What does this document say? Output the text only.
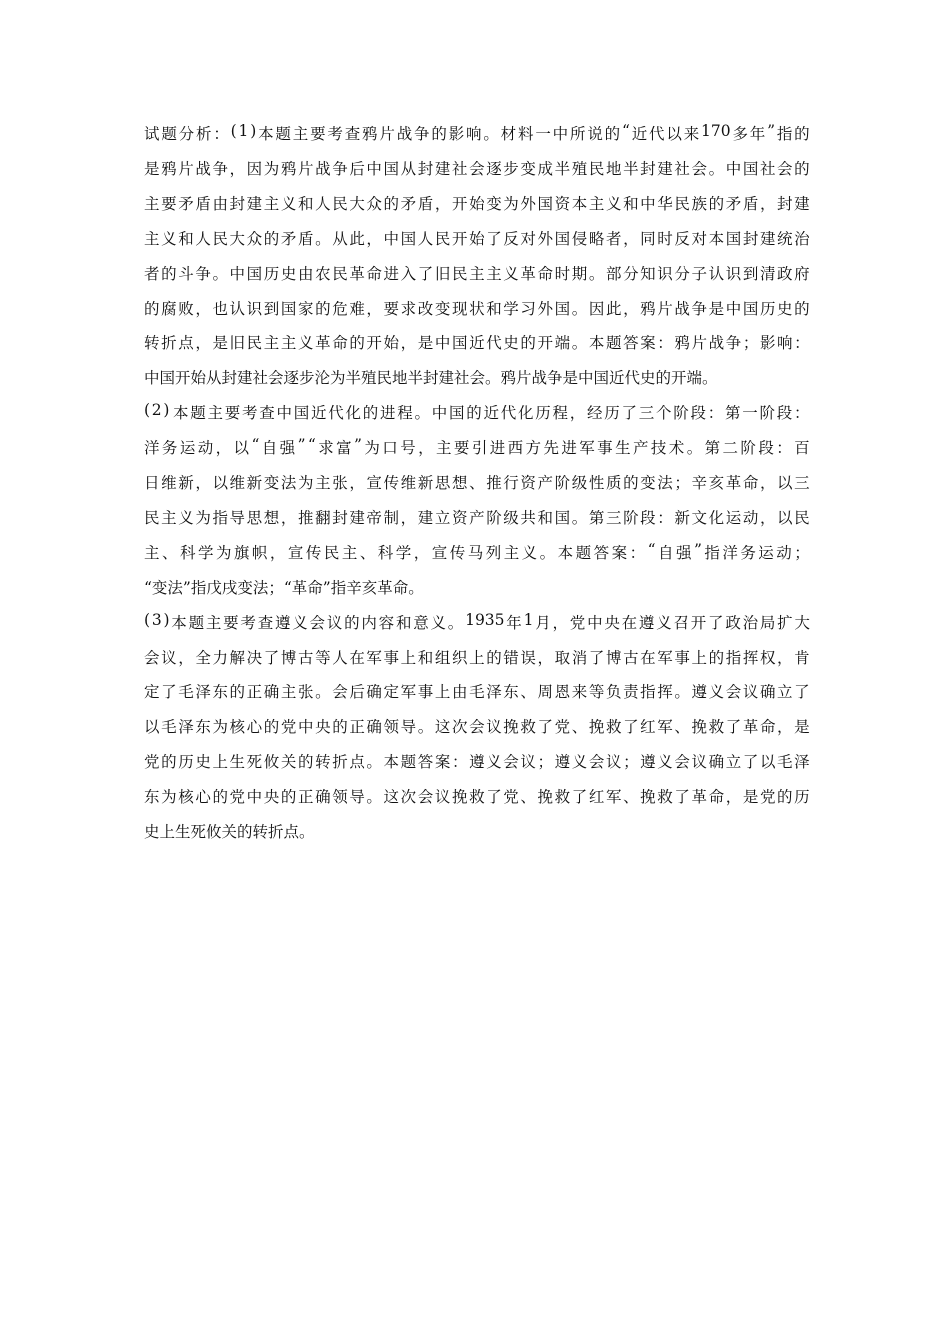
试 题 分 析 ： ( 1 ) 本 题 主 要 考 查 鸦 片 战 争 的 影 响 。 材 料 一 中 所 说 的 “ 近 代 以 来 170 多 年 ” 指 的
是 鸦 片 战 争 ， 因 为 鸦 片 战 争 后 中 国 从 封 建 社 会 逐 步 变 成 半 殖 民 地 半 封 建 社 会 。 中 国 社 会 的
主 要 矛 盾 由 封 建 主 义 和 人 民 大 众 的 矛 盾 ， 开 始 变 为 外 国 资 本 主 义 和 中 华 民 族 的 矛 盾 ， 封 建
主 义 和 人 民 大 众 的 矛 盾 。 从 此 ， 中 国 人 民 开 始 了 反 对 外 国 侵 略 者 ， 同 时 反 对 本 国 封 建 统 治
者 的 斗 争 。 中 国 历 史 由 农 民 革 命 进 入 了 旧 民 主 主 义 革 命 时 期 。 部 分 知 识 分 子 认 识 到 清 政 府
的 腐 败 ， 也 认 识 到 国 家 的 危 难 ， 要 求 改 变 现 状 和 学 习 外 国 。 因 此 ， 鸦 片 战 争 是 中 国 历 史 的
转 折 点 ， 是 旧 民 主 主 义 革 命 的 开 始 ， 是 中 国 近 代 史 的 开 端 。 本 题 答 案 ： 鸦 片 战 争 ； 影 响 ：
中国开始从封建社会逐步沦为半殖民地半封建社会。鸦片战争是中国近代史的开端。
( 2 ) 本 题 主 要 考 查 中 国 近 代 化 的 进 程 。 中 国 的 近 代 化 历 程 ， 经 历 了 三 个 阶 段 ： 第 一 阶 段 ：
洋 务 运 动 ， 以 “ 自 强 ” “ 求 富 ” 为 口 号 ， 主 要 引 进 西 方 先 进 军 事 生 产 技 术 。 第 二 阶 段 ： 百
日 维 新 ， 以 维 新 变 法 为 主 张 ， 宣 传 维 新 思 想 、 推 行 资 产 阶 级 性 质 的 变 法 ； 辛 亥 革 命 ， 以 三
民 主 义 为 指 导 思 想 ， 推 翻 封 建 帝 制 ， 建 立 资 产 阶 级 共 和 国 。 第 三 阶 段 ： 新 文 化 运 动 ， 以 民
主 、 科 学 为 旗 帜 ， 宣 传 民 主 、 科 学 ， 宣 传 马 列 主 义 。 本 题 答 案 ： “ 自 强 ” 指 洋 务 运 动 ；
“变法”指戊戌变法；“革命”指辛亥革命。
( 3 ) 本 题 主 要 考 查 遵 义 会 议 的 内 容 和 意 义 。 1935 年 1 月 ， 党 中 央 在 遵 义 召 开 了 政 治 局 扩 大
会 议 ， 全 力 解 决 了 博 古 等 人 在 军 事 上 和 组 织 上 的 错 误 ， 取 消 了 博 古 在 军 事 上 的 指 挥 权 ， 肯
定 了 毛 泽 东 的 正 确 主 张 。 会 后 确 定 军 事 上 由 毛 泽 东 、 周 恩 来 等 负 责 指 挥 。 遵 义 会 议 确 立 了
以 毛 泽 东 为 核 心 的 党 中 央 的 正 确 领 导 。 这 次 会 议 挽 救 了 党 、 挽 救 了 红 军 、 挽 救 了 革 命 ， 是
党 的 历 史 上 生 死 攸 关 的 转 折 点 。 本 题 答 案 ： 遵 义 会 议 ； 遵 义 会 议 ； 遵 义 会 议 确 立 了 以 毛 泽
东 为 核 心 的 党 中 央 的 正 确 领 导 。 这 次 会 议 挽 救 了 党 、 挽 救 了 红 军 、 挽 救 了 革 命 ， 是 党 的 历
史上生死攸关的转折点。
